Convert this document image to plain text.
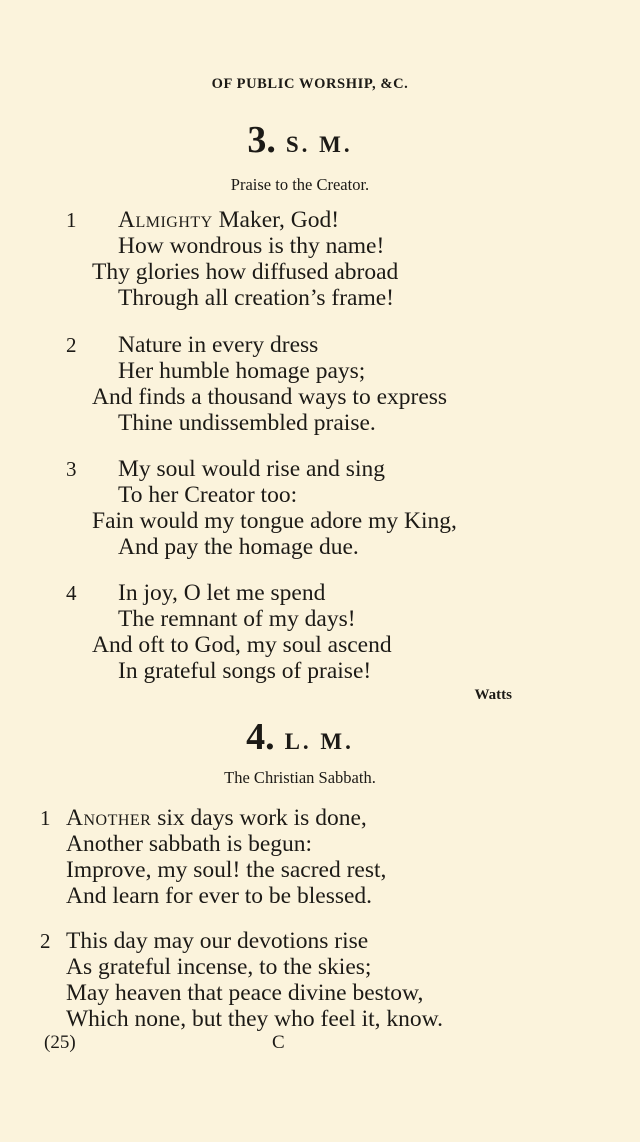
OF PUBLIC WORSHIP, &C.
3. S. M.
Praise to the Creator.
1 Almighty Maker, God!
How wondrous is thy name!
Thy glories how diffused abroad
Through all creation’s frame!
2 Nature in every dress
Her humble homage pays;
And finds a thousand ways to express
Thine undissembled praise.
3 My soul would rise and sing
To her Creator too:
Fain would my tongue adore my King,
And pay the homage due.
4 In joy, O let me spend
The remnant of my days!
And oft to God, my soul ascend
In grateful songs of praise!
Watts
4. L. M.
The Christian Sabbath.
1 Another six days work is done,
Another sabbath is begun:
Improve, my soul! the sacred rest,
And learn for ever to be blessed.
2 This day may our devotions rise
As grateful incense, to the skies;
May heaven that peace divine bestow,
Which none, but they who feel it, know.
(25)	C
